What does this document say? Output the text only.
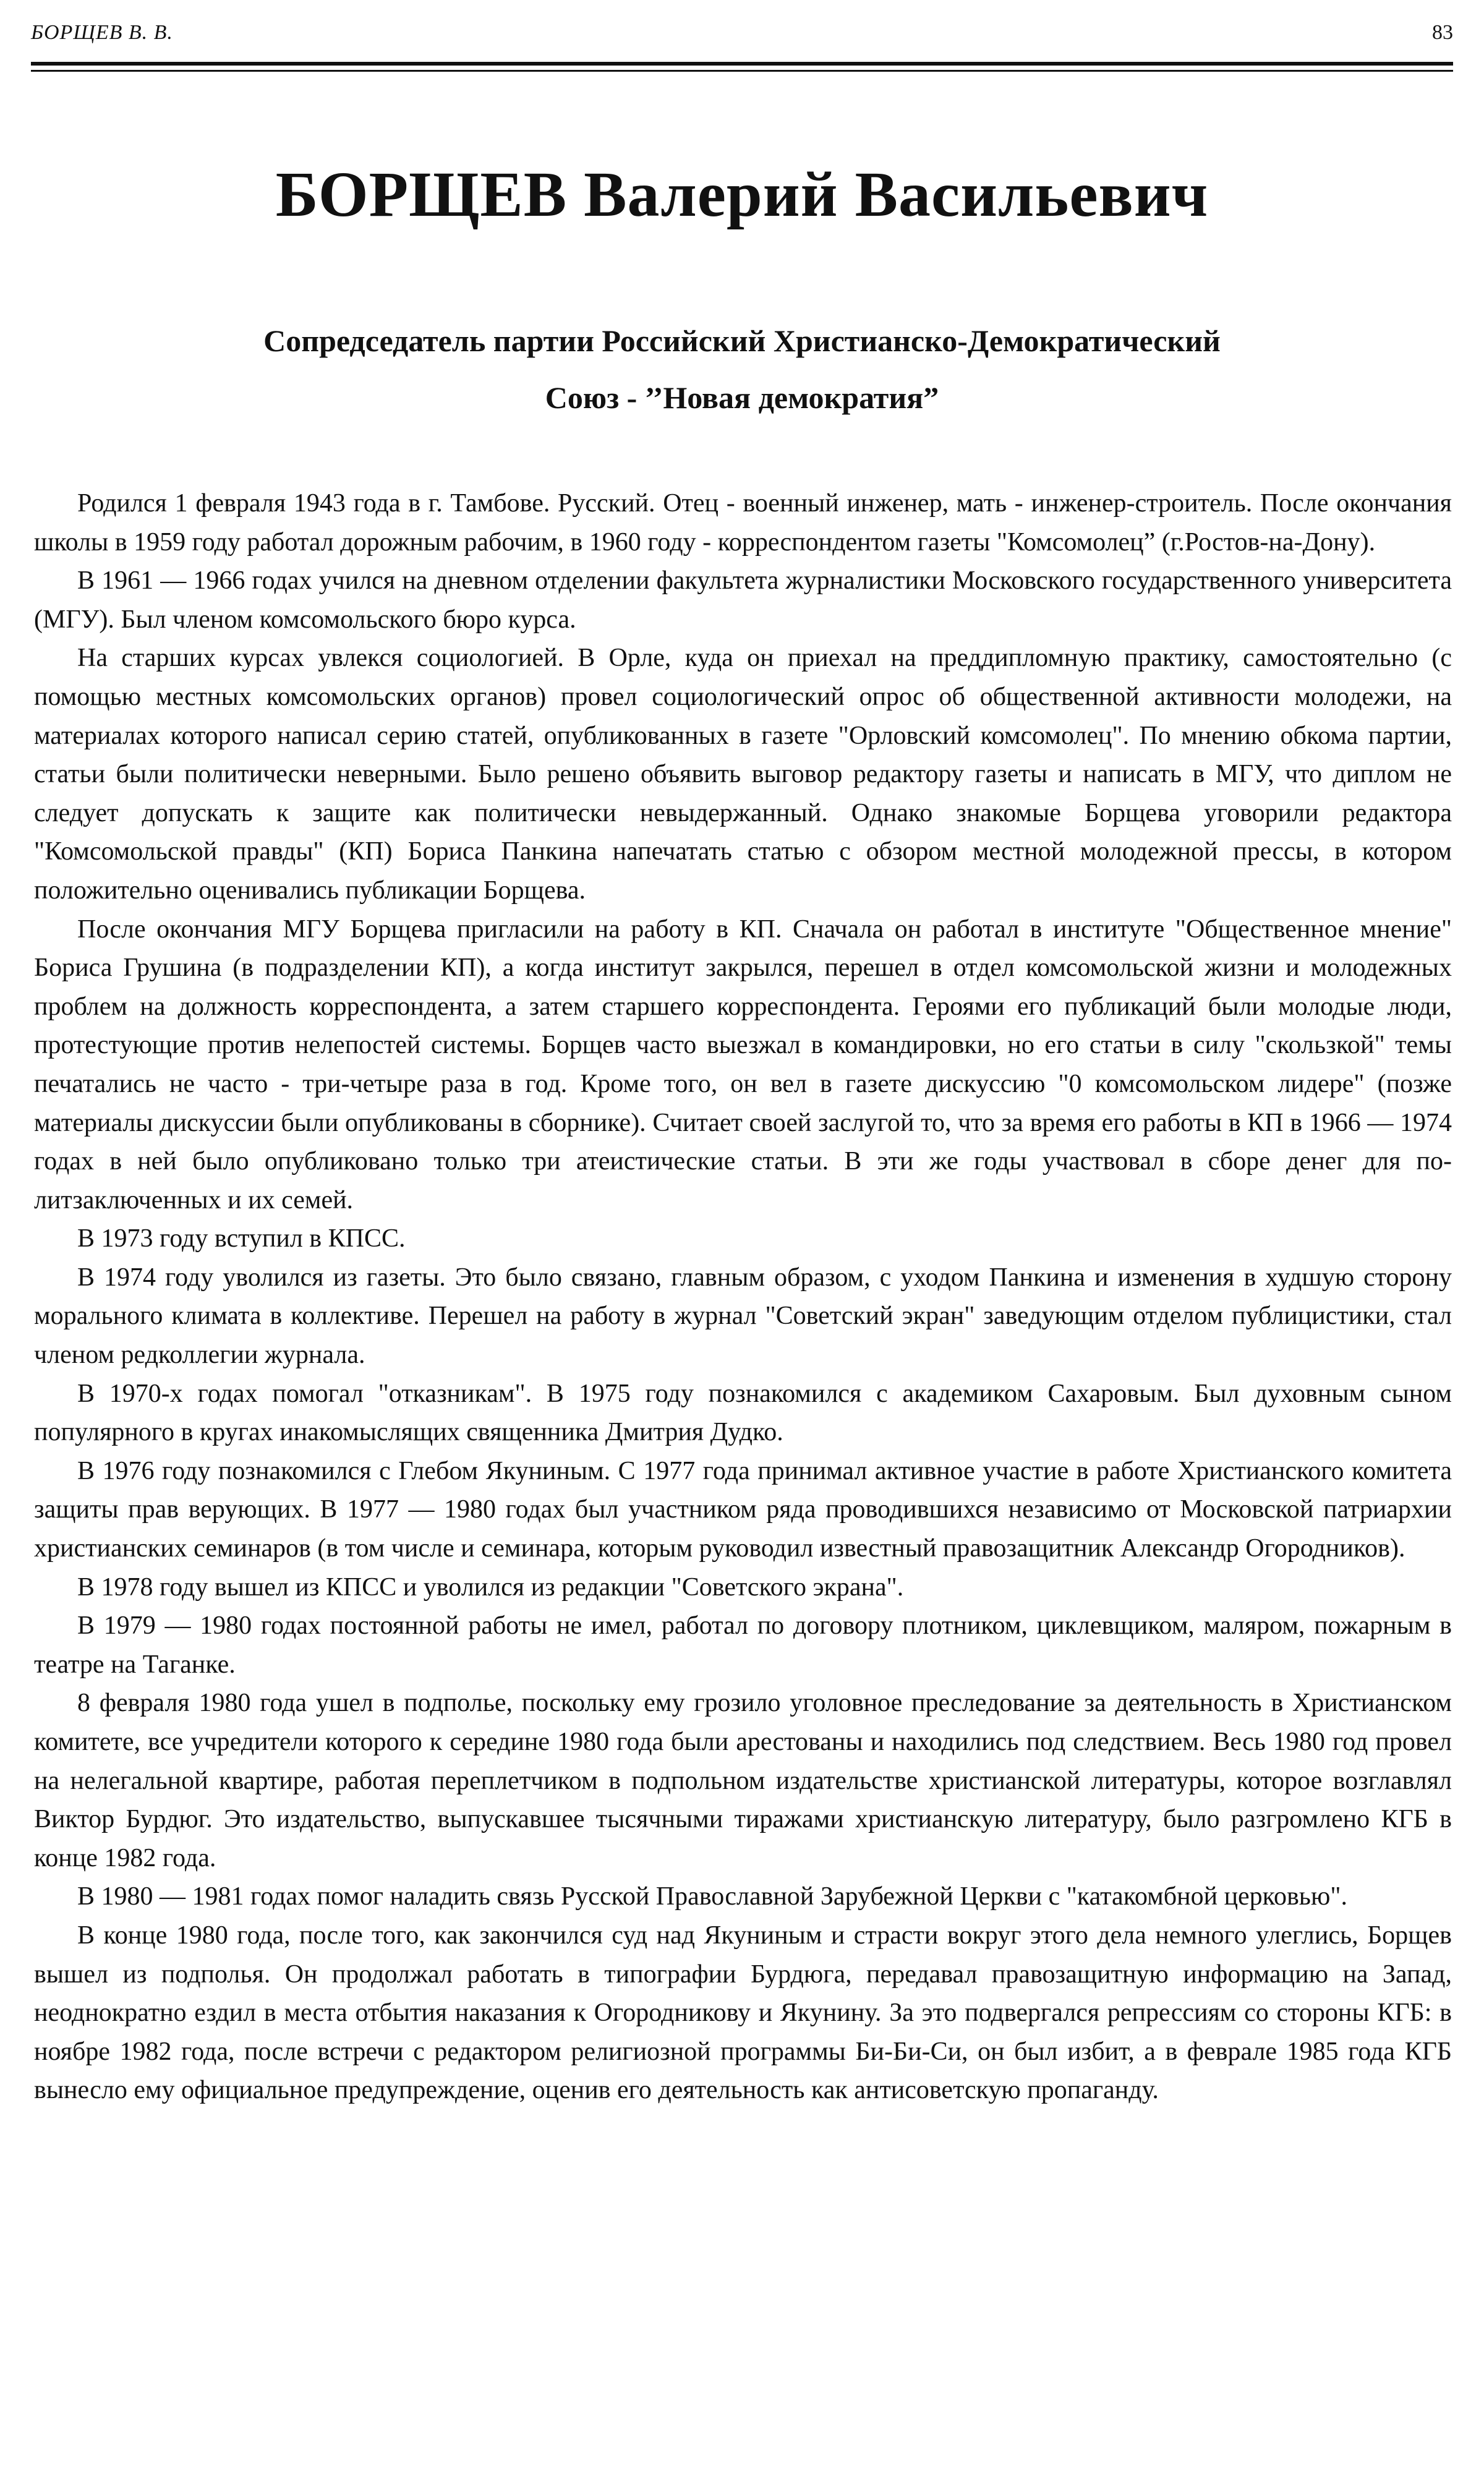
БОРЩЕВ В. В.	83
БОРЩЕВ Валерий Васильевич
Сопредседатель партии Российский Христианско-Демократический
Союз - ’’Новая демократия”

Родился 1 февраля 1943 года в г. Тамбове. Русский. Отец - военный инженер, мать - инженер-строитель. После окончания школы в 1959 году работал дорожным рабочим, в 1960 году - корреспондентом газеты "Комсомолец” (г.Ростов-на-Дону).

В 1961 — 1966 годах учился на дневном отделении факультета журналистики Московского государственного университета (МГУ). Был членом комсомольского бюро курса.

На старших курсах увлекся социологией. В Орле, куда он приехал на преддипломную практику, самостоятельно (с помощью местных комсомольских органов) провел социологический опрос об общественной активности молодежи, на материалах которого написал серию статей, опубликованных в газете "Орловский комсомолец". По мнению обкома партии, статьи были политически неверными. Было решено объявить выговор редактору газеты и написать в МГУ, что диплом не следует допускать к защите как политически невыдержанный. Однако знакомые Борщева уговорили редактора "Комсомольской правды" (КП) Бориса Панкина напечатать статью с обзором местной молодежной прессы, в котором положительно оценивались публикации Борщева.

После окончания МГУ Борщева пригласили на работу в КП. Сначала он работал в институте "Общественное мнение" Бориса Грушина (в подразделении КП), а когда институт закрылся, перешел в отдел комсомольской жизни и молодежных проблем на должность корреспондента, а затем старшего корреспондента. Героями его публикаций были молодые люди, протестующие против нелепостей системы. Борщев часто выезжал в командировки, но его статьи в силу "скользкой" темы печатались не часто - три-четыре раза в год. Кроме того, он вел в газете дискуссию "0 комсомольском лидере" (позже материалы дискуссии были опубликованы в сборнике). Считает своей заслугой то, что за время его работы в КП в 1966 — 1974 годах в ней было опубликовано только три атеистические статьи. В эти же годы участвовал в сборе денег для политзаключенных и их семей.

В 1973 году вступил в КПСС.

В 1974 году уволился из газеты. Это было связано, главным образом, с уходом Панкина и изменения в худшую сторону морального климата в коллективе. Перешел на работу в журнал "Советский экран" заведующим отделом публицистики, стал членом редколлегии журнала.

В 1970-х годах помогал "отказникам". В 1975 году познакомился с академиком Сахаровым. Был духовным сыном популярного в кругах инакомыслящих священника Дмитрия Дудко.

В 1976 году познакомился с Глебом Якуниным. С 1977 года принимал активное участие в работе Христианского комитета защиты прав верующих. В 1977 — 1980 годах был участником ряда проводившихся независимо от Московской патриархии христианских семинаров (в том числе и семинара, которым руководил известный правозащитник Александр Огородников).

В 1978 году вышел из КПСС и уволился из редакции "Советского экрана".

В 1979 — 1980 годах постоянной работы не имел, работал по договору плотником, циклевщиком, маляром, пожарным в театре на Таганке.

8 февраля 1980 года ушел в подполье, поскольку ему грозило уголовное преследование за деятельность в Христианском комитете, все учредители которого к середине 1980 года были арестованы и находились под следствием. Весь 1980 год провел на нелегальной квартире, работая переплетчиком в подпольном издательстве христианской литературы, которое возглавлял Виктор Бурдюг. Это издательство, выпускавшее тысячными тиражами христианскую литературу, было разгромлено КГБ в конце 1982 года.

В 1980 — 1981 годах помог наладить связь Русской Православной Зарубежной Церкви с "катакомбной церковью".

В конце 1980 года, после того, как закончился суд над Якуниным и страсти вокруг этого дела немного улеглись, Борщев вышел из подполья. Он продолжал работать в типографии Бурдюга, передавал правозащитную информацию на Запад, неоднократно ездил в места отбытия наказания к Огородникову и Якунину. За это подвергался репрессиям со стороны КГБ: в ноябре 1982 года, после встречи с редактором религиозной программы Би-Би-Си, он был избит, а в феврале 1985 года КГБ вынесло ему официальное предупреждение, оценив его деятельность как антисоветскую пропаганду.
